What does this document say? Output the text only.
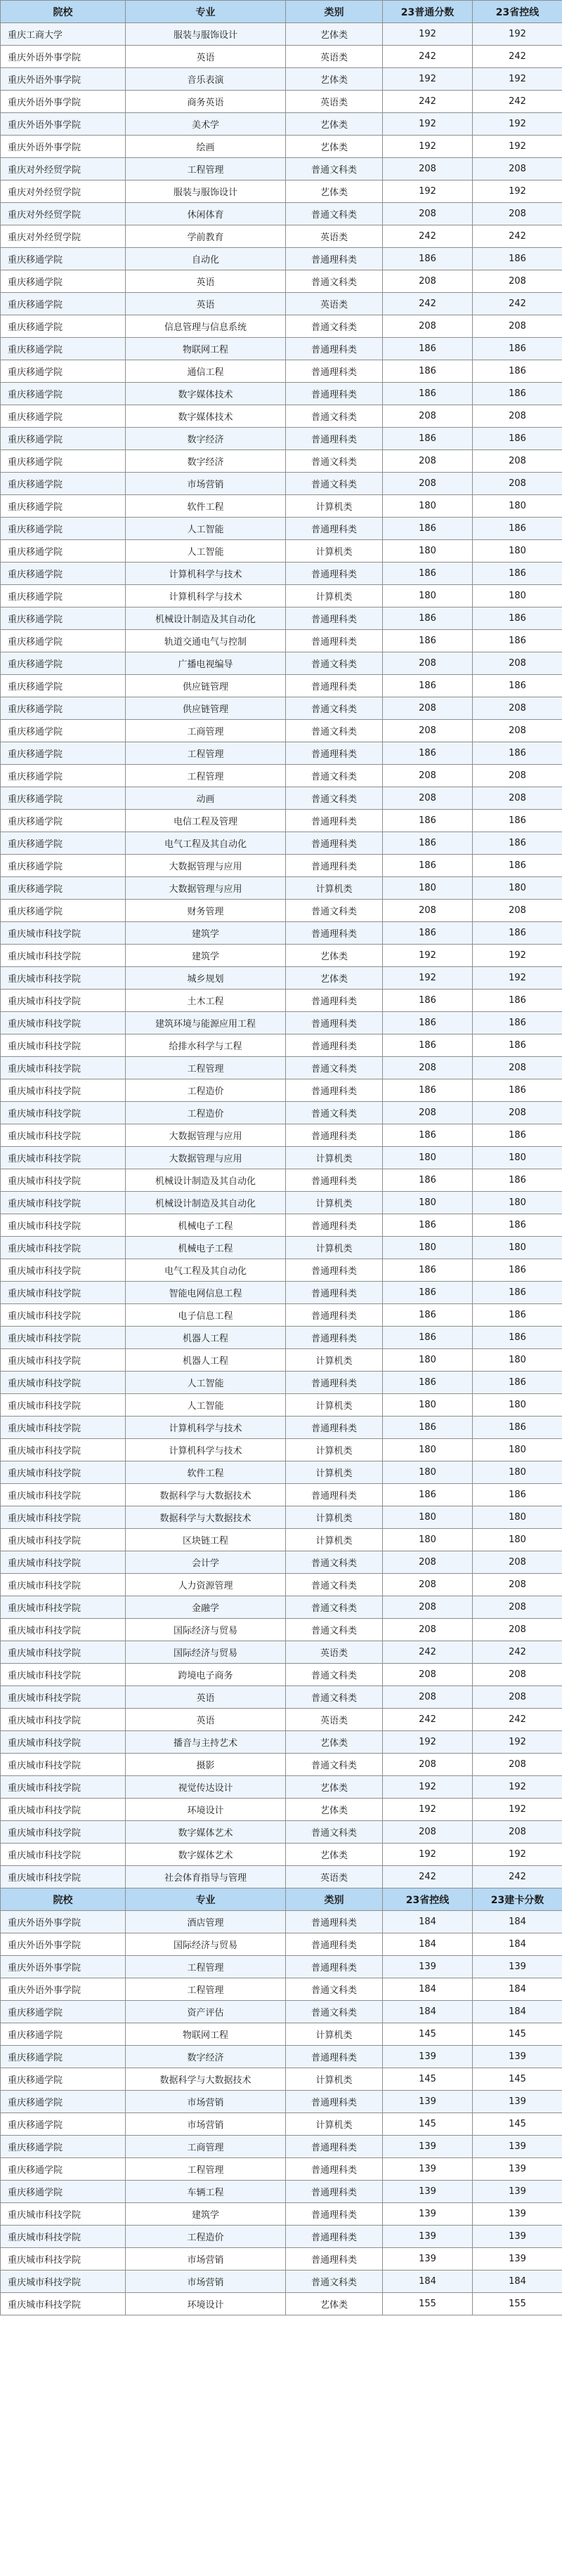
院校	专业	类别	23普通分数	23省控线
重庆工商大学	服装与服饰设计	艺体类	192	192
重庆外语外事学院	英语	英语类	242	242
重庆外语外事学院	音乐表演	艺体类	192	192
重庆外语外事学院	商务英语	英语类	242	242
重庆外语外事学院	美术学	艺体类	192	192
重庆外语外事学院	绘画	艺体类	192	192
重庆对外经贸学院	工程管理	普通文科类	208	208
重庆对外经贸学院	服装与服饰设计	艺体类	192	192
重庆对外经贸学院	休闲体育	普通文科类	208	208
重庆对外经贸学院	学前教育	英语类	242	242
重庆移通学院	自动化	普通理科类	186	186
重庆移通学院	英语	普通文科类	208	208
重庆移通学院	英语	英语类	242	242
重庆移通学院	信息管理与信息系统	普通文科类	208	208
重庆移通学院	物联网工程	普通理科类	186	186
重庆移通学院	通信工程	普通理科类	186	186
重庆移通学院	数字媒体技术	普通理科类	186	186
重庆移通学院	数字媒体技术	普通文科类	208	208
重庆移通学院	数字经济	普通理科类	186	186
重庆移通学院	数字经济	普通文科类	208	208
重庆移通学院	市场营销	普通文科类	208	208
重庆移通学院	软件工程	计算机类	180	180
重庆移通学院	人工智能	普通理科类	186	186
重庆移通学院	人工智能	计算机类	180	180
重庆移通学院	计算机科学与技术	普通理科类	186	186
重庆移通学院	计算机科学与技术	计算机类	180	180
重庆移通学院	机械设计制造及其自动化	普通理科类	186	186
重庆移通学院	轨道交通电气与控制	普通理科类	186	186
重庆移通学院	广播电视编导	普通文科类	208	208
重庆移通学院	供应链管理	普通理科类	186	186
重庆移通学院	供应链管理	普通文科类	208	208
重庆移通学院	工商管理	普通文科类	208	208
重庆移通学院	工程管理	普通理科类	186	186
重庆移通学院	工程管理	普通文科类	208	208
重庆移通学院	动画	普通文科类	208	208
重庆移通学院	电信工程及管理	普通理科类	186	186
重庆移通学院	电气工程及其自动化	普通理科类	186	186
重庆移通学院	大数据管理与应用	普通理科类	186	186
重庆移通学院	大数据管理与应用	计算机类	180	180
重庆移通学院	财务管理	普通文科类	208	208
重庆城市科技学院	建筑学	普通理科类	186	186
重庆城市科技学院	建筑学	艺体类	192	192
重庆城市科技学院	城乡规划	艺体类	192	192
重庆城市科技学院	土木工程	普通理科类	186	186
重庆城市科技学院	建筑环境与能源应用工程	普通理科类	186	186
重庆城市科技学院	给排水科学与工程	普通理科类	186	186
重庆城市科技学院	工程管理	普通文科类	208	208
重庆城市科技学院	工程造价	普通理科类	186	186
重庆城市科技学院	工程造价	普通文科类	208	208
重庆城市科技学院	大数据管理与应用	普通理科类	186	186
重庆城市科技学院	大数据管理与应用	计算机类	180	180
重庆城市科技学院	机械设计制造及其自动化	普通理科类	186	186
重庆城市科技学院	机械设计制造及其自动化	计算机类	180	180
重庆城市科技学院	机械电子工程	普通理科类	186	186
重庆城市科技学院	机械电子工程	计算机类	180	180
重庆城市科技学院	电气工程及其自动化	普通理科类	186	186
重庆城市科技学院	智能电网信息工程	普通理科类	186	186
重庆城市科技学院	电子信息工程	普通理科类	186	186
重庆城市科技学院	机器人工程	普通理科类	186	186
重庆城市科技学院	机器人工程	计算机类	180	180
重庆城市科技学院	人工智能	普通理科类	186	186
重庆城市科技学院	人工智能	计算机类	180	180
重庆城市科技学院	计算机科学与技术	普通理科类	186	186
重庆城市科技学院	计算机科学与技术	计算机类	180	180
重庆城市科技学院	软件工程	计算机类	180	180
重庆城市科技学院	数据科学与大数据技术	普通理科类	186	186
重庆城市科技学院	数据科学与大数据技术	计算机类	180	180
重庆城市科技学院	区块链工程	计算机类	180	180
重庆城市科技学院	会计学	普通文科类	208	208
重庆城市科技学院	人力资源管理	普通文科类	208	208
重庆城市科技学院	金融学	普通文科类	208	208
重庆城市科技学院	国际经济与贸易	普通文科类	208	208
重庆城市科技学院	国际经济与贸易	英语类	242	242
重庆城市科技学院	跨境电子商务	普通文科类	208	208
重庆城市科技学院	英语	普通文科类	208	208
重庆城市科技学院	英语	英语类	242	242
重庆城市科技学院	播音与主持艺术	艺体类	192	192
重庆城市科技学院	摄影	普通文科类	208	208
重庆城市科技学院	视觉传达设计	艺体类	192	192
重庆城市科技学院	环境设计	艺体类	192	192
重庆城市科技学院	数字媒体艺术	普通文科类	208	208
重庆城市科技学院	数字媒体艺术	艺体类	192	192
重庆城市科技学院	社会体育指导与管理	英语类	242	242
院校	专业	类别	23省控线	23建卡分数
重庆外语外事学院	酒店管理	普通理科类	184	184
重庆外语外事学院	国际经济与贸易	普通理科类	184	184
重庆外语外事学院	工程管理	普通理科类	139	139
重庆外语外事学院	工程管理	普通文科类	184	184
重庆移通学院	资产评估	普通文科类	184	184
重庆移通学院	物联网工程	计算机类	145	145
重庆移通学院	数字经济	普通理科类	139	139
重庆移通学院	数据科学与大数据技术	计算机类	145	145
重庆移通学院	市场营销	普通理科类	139	139
重庆移通学院	市场营销	计算机类	145	145
重庆移通学院	工商管理	普通理科类	139	139
重庆移通学院	工程管理	普通理科类	139	139
重庆移通学院	车辆工程	普通理科类	139	139
重庆城市科技学院	建筑学	普通理科类	139	139
重庆城市科技学院	工程造价	普通理科类	139	139
重庆城市科技学院	市场营销	普通理科类	139	139
重庆城市科技学院	市场营销	普通文科类	184	184
重庆城市科技学院	环境设计	艺体类	155	155
